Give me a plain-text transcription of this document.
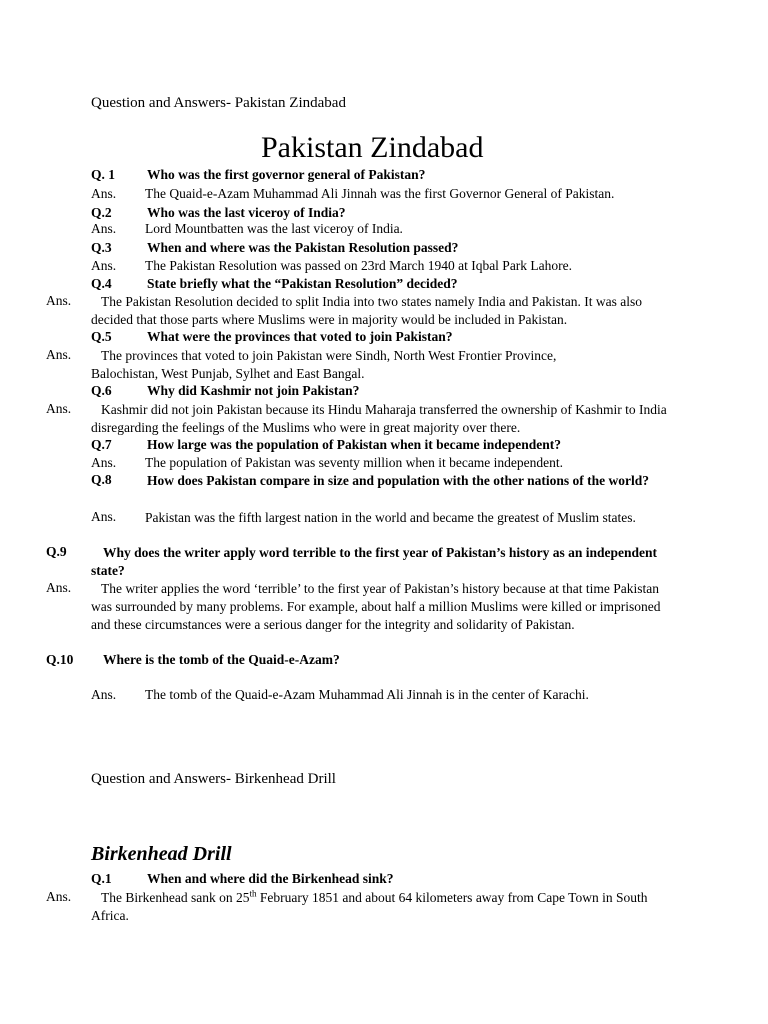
Question and Answers- Pakistan Zindabad
Pakistan Zindabad
Q. 1 Who was the first governor general of Pakistan?
Ans. The Quaid-e-Azam Muhammad Ali Jinnah was the first Governor General of Pakistan.
Q.2	Who was the last viceroy of India?
Ans. Lord Mountbatten was the last viceroy of India.
Q.3	When and where was the Pakistan Resolution passed?
Ans. The Pakistan Resolution was passed on 23rd March 1940 at Iqbal Park Lahore.
Q.4	State briefly what the “Pakistan Resolution” decided?
Ans.	The Pakistan Resolution decided to split India into two states namely India and Pakistan. It was also decided that those parts where Muslims were in majority would be included in Pakistan.
Q.5	What were the provinces that voted to join Pakistan?
Ans.	The provinces that voted to join Pakistan were Sindh, North West Frontier Province, Balochistan, West Punjab, Sylhet and East Bangal.
Q.6	Why did Kashmir not join Pakistan?
Ans.	Kashmir did not join Pakistan because its Hindu Maharaja transferred the ownership of Kashmir to India disregarding the feelings of the Muslims who were in great majority over there.
Q.7	How large was the population of Pakistan when it became independent?
Ans. The population of Pakistan was seventy million when it became independent.
Q.8	How does Pakistan compare in size and population with the other nations of the world?
Ans.	Pakistan was the fifth largest nation in the world and became the greatest of Muslim states.
Q.9	Why does the writer apply word terrible to the first year of Pakistan’s history as an independent state?
Ans.	The writer applies the word ‘terrible’ to the first year of Pakistan’s history because at that time Pakistan was surrounded by many problems. For example, about half a million Muslims were killed or imprisoned and these circumstances were a serious danger for the integrity and solidarity of Pakistan.
Q.10 Where is the tomb of the Quaid-e-Azam?
Ans. The tomb of the Quaid-e-Azam Muhammad Ali Jinnah is in the center of Karachi.
Question and Answers- Birkenhead Drill
Birkenhead Drill
Q.1	When and where did the Birkenhead sink?
Ans.	The Birkenhead sank on 25th February 1851 and about 64 kilometers away from Cape Town in South Africa.
